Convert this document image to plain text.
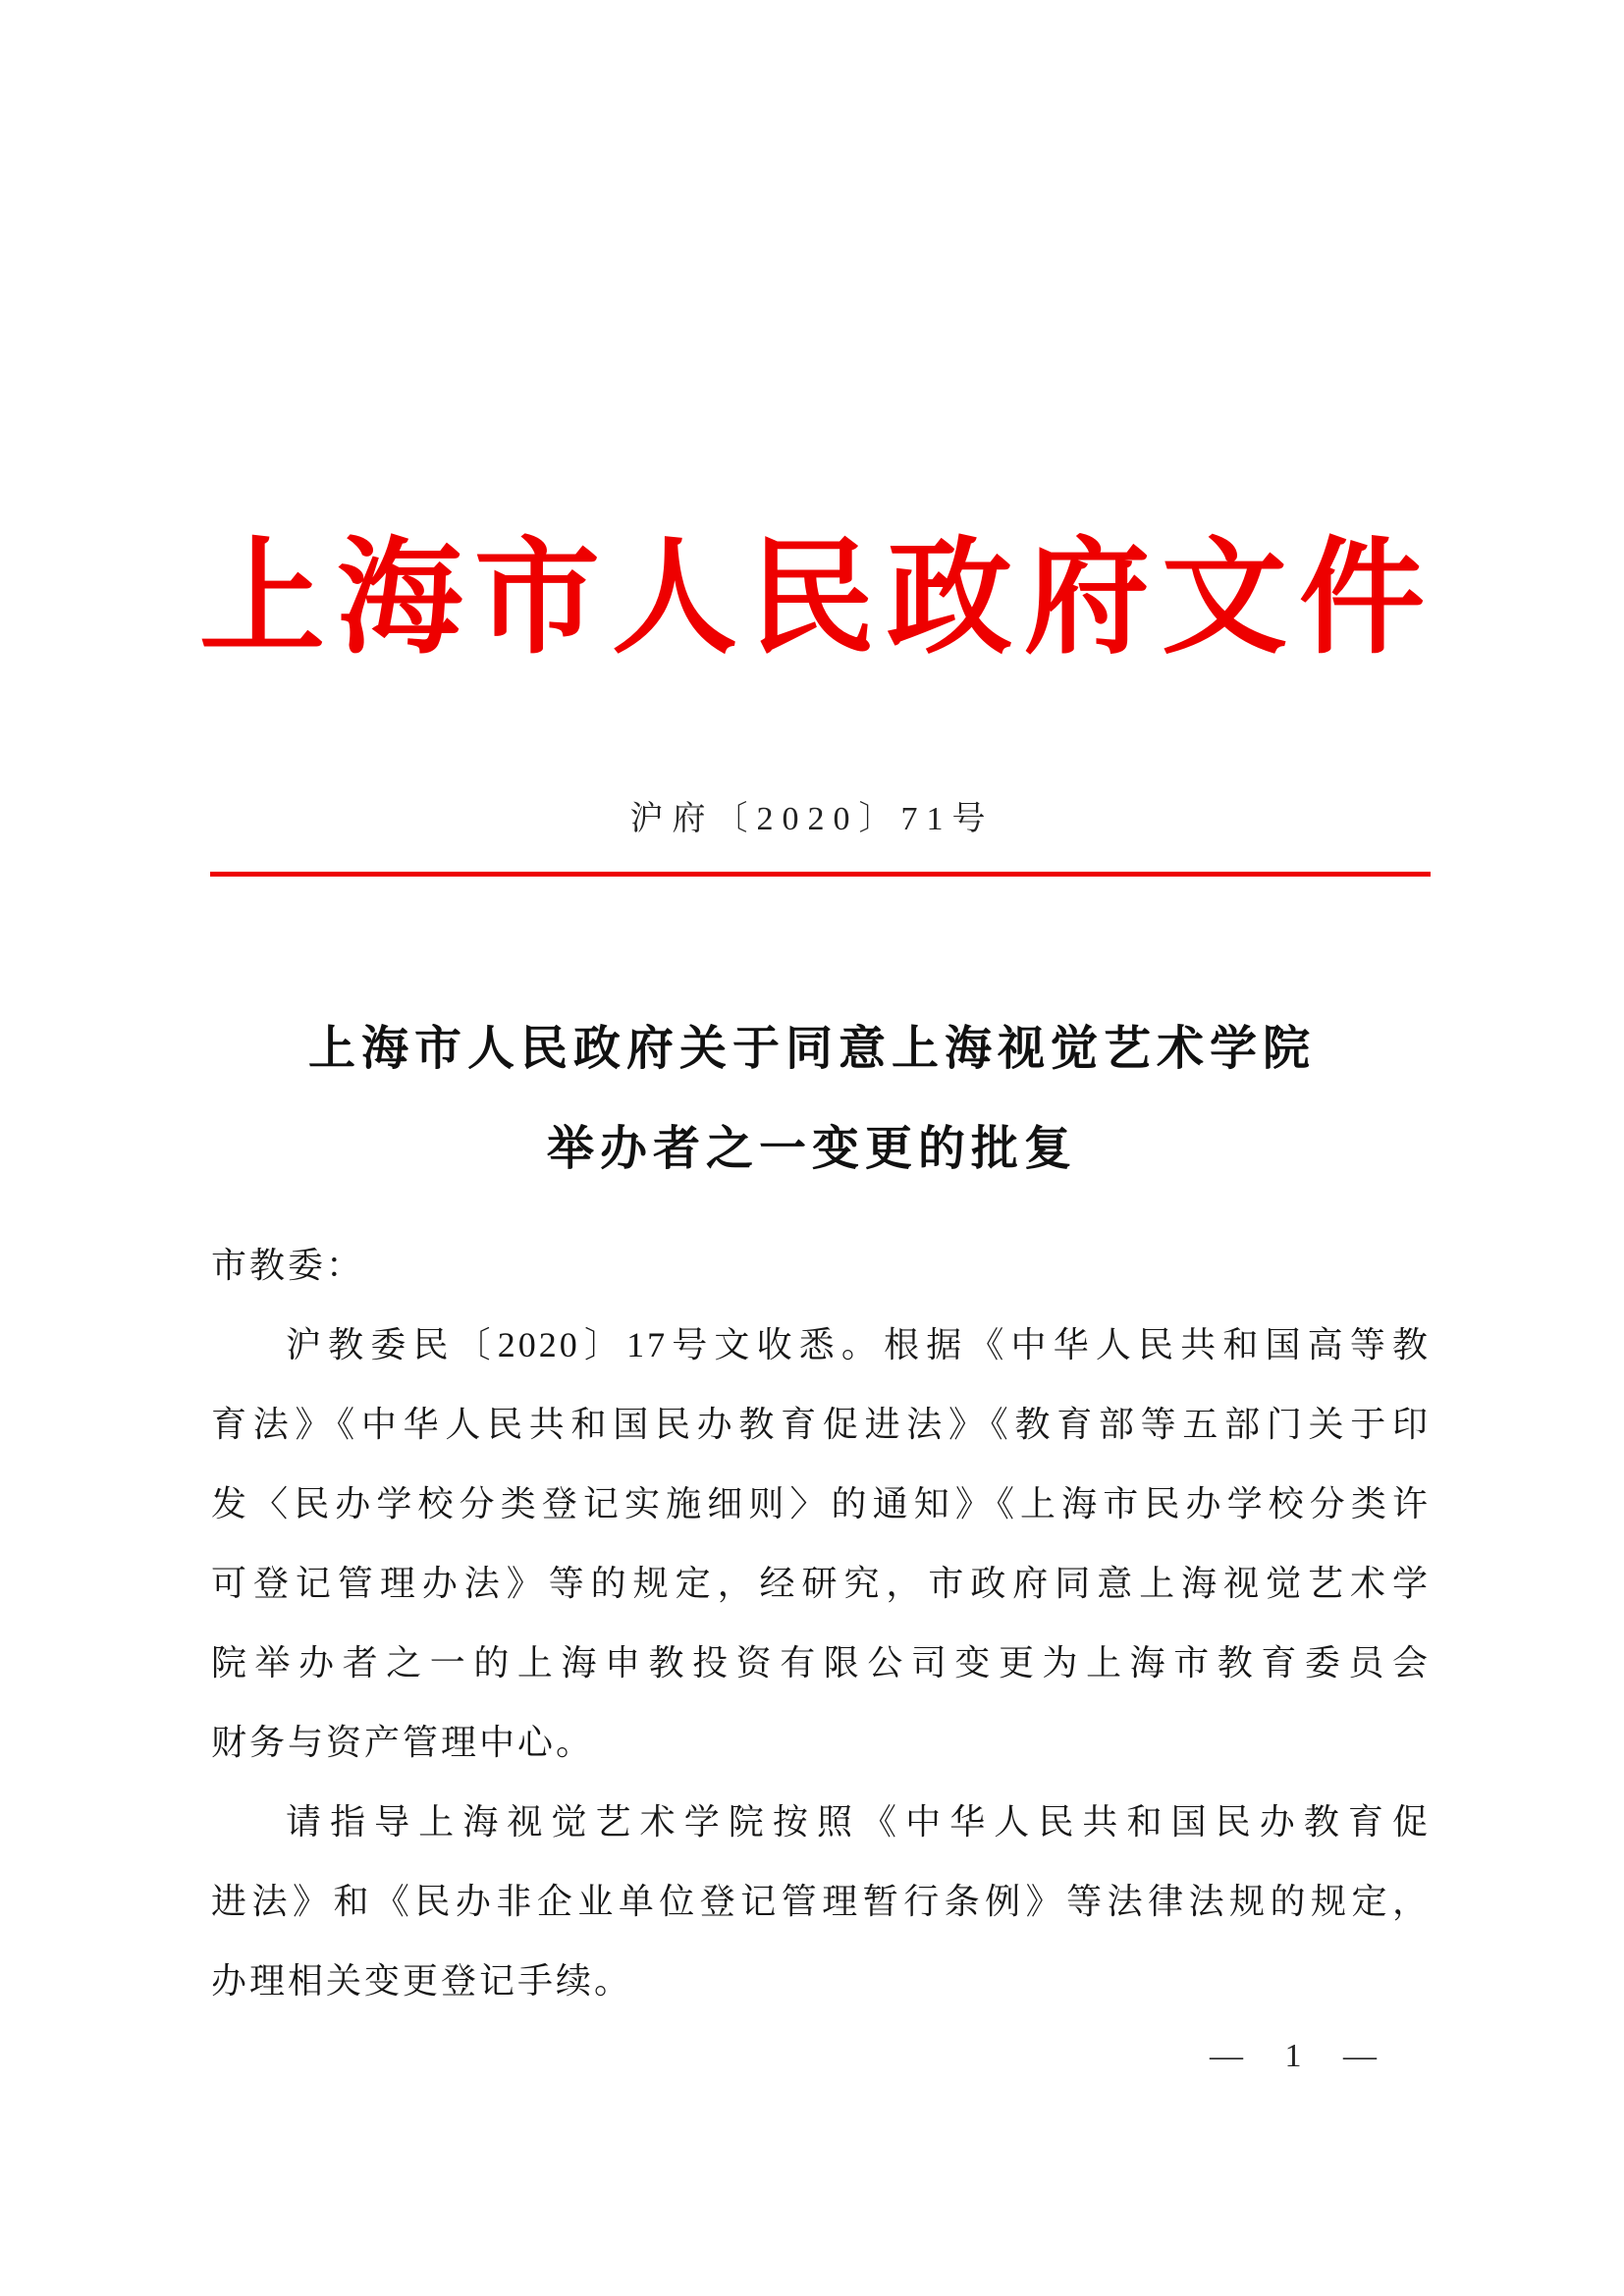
上海市人民政府文件
沪府〔2020〕71号
上海市人民政府关于同意上海视觉艺术学院
举办者之一变更的批复
市教委：
沪教委民〔2020〕17号文收悉。根据《中华人民共和国高等教
育法》《中华人民共和国民办教育促进法》《教育部等五部门关于印
发〈民办学校分类登记实施细则〉的通知》《上海市民办学校分类许
可登记管理办法》等的规定，经研究，市政府同意上海视觉艺术学
院举办者之一的上海申教投资有限公司变更为上海市教育委员会
财务与资产管理中心。
请指导上海视觉艺术学院按照《中华人民共和国民办教育促
进法》和《民办非企业单位登记管理暂行条例》等法律法规的规定，
办理相关变更登记手续。
— 1 —
